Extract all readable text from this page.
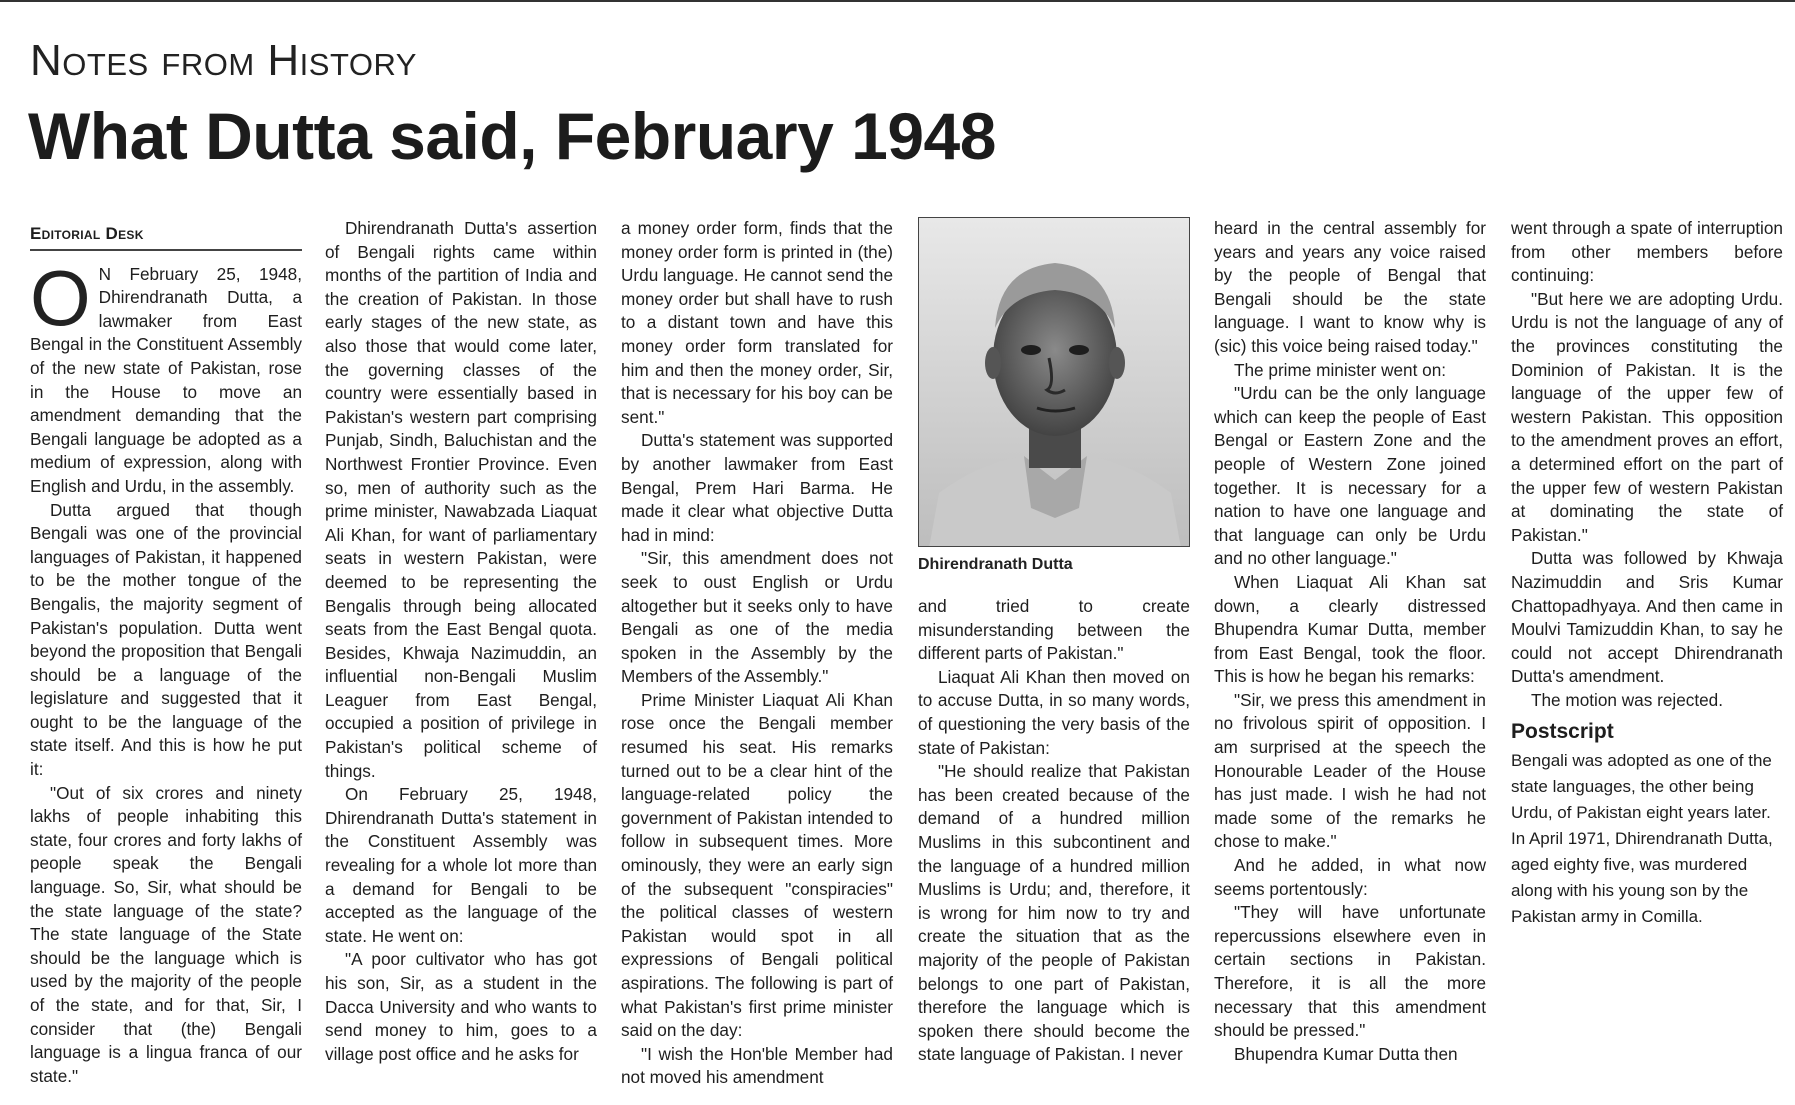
Notes from History
What Dutta said, February 1948
Editorial Desk

O N February 25, 1948, Dhirendranath Dutta, a lawmaker from East Bengal in the Constituent Assembly of the new state of Pakistan, rose in the House to move an amendment demanding that the Bengali language be adopted as a medium of expression, along with English and Urdu, in the assembly.

Dutta argued that though Bengali was one of the provincial languages of Pakistan, it happened to be the mother tongue of the Bengalis, the majority segment of Pakistan's population. Dutta went beyond the proposition that Bengali should be a language of the legislature and suggested that it ought to be the language of the state itself. And this is how he put it:

"Out of six crores and ninety lakhs of people inhabiting this state, four crores and forty lakhs of people speak the Bengali language. So, Sir, what should be the state language of the state? The state language of the State should be the language which is used by the majority of the people of the state, and for that, Sir, I consider that (the) Bengali language is a lingua franca of our state."

Dhirendranath Dutta's assertion of Bengali rights came within months of the partition of India and the creation of Pakistan. In those early stages of the new state, as also those that would come later, the governing classes of the country were essentially based in Pakistan's western part comprising Punjab, Sindh, Baluchistan and the Northwest Frontier Province. Even so, men of authority such as the prime minister, Nawabzada Liaquat Ali Khan, for want of parliamentary seats in western Pakistan, were deemed to be representing the Bengalis through being allocated seats from the East Bengal quota. Besides, Khwaja Nazimuddin, an influential non-Bengali Muslim Leaguer from East Bengal, occupied a position of privilege in Pakistan's political scheme of things.

On February 25, 1948, Dhirendranath Dutta's statement in the Constituent Assembly was revealing for a whole lot more than a demand for Bengali to be accepted as the language of the state. He went on:

"A poor cultivator who has got his son, Sir, as a student in the Dacca University and who wants to send money to him, goes to a village post office and he asks for

a money order form, finds that the money order form is printed in (the) Urdu language. He cannot send the money order but shall have to rush to a distant town and have this money order form translated for him and then the money order, Sir, that is necessary for his boy can be sent."

Dutta's statement was supported by another lawmaker from East Bengal, Prem Hari Barma. He made it clear what objective Dutta had in mind:

"Sir, this amendment does not seek to oust English or Urdu altogether but it seeks only to have Bengali as one of the media spoken in the Assembly by the Members of the Assembly."

Prime Minister Liaquat Ali Khan rose once the Bengali member resumed his seat. His remarks turned out to be a clear hint of the language-related policy the government of Pakistan intended to follow in subsequent times. More ominously, they were an early sign of the subsequent "conspiracies" the political classes of western Pakistan would spot in all expressions of Bengali political aspirations. The following is part of what Pakistan's first prime minister said on the day:

"I wish the Hon'ble Member had not moved his amendment

Dhirendranath Dutta

and tried to create misunderstanding between the different parts of Pakistan."

Liaquat Ali Khan then moved on to accuse Dutta, in so many words, of questioning the very basis of the state of Pakistan:

"He should realize that Pakistan has been created because of the demand of a hundred million Muslims in this subcontinent and the language of a hundred million Muslims is Urdu; and, therefore, it is wrong for him now to try and create the situation that as the majority of the people of Pakistan belongs to one part of Pakistan, therefore the language which is spoken there should become the state language of Pakistan. I never

heard in the central assembly for years and years any voice raised by the people of Bengal that Bengali should be the state language. I want to know why is (sic) this voice being raised today."

The prime minister went on:

"Urdu can be the only language which can keep the people of East Bengal or Eastern Zone and the people of Western Zone joined together. It is necessary for a nation to have one language and that language can only be Urdu and no other language."

When Liaquat Ali Khan sat down, a clearly distressed Bhupendra Kumar Dutta, member from East Bengal, took the floor. This is how he began his remarks:

"Sir, we press this amendment in no frivolous spirit of opposition. I am surprised at the speech the Honourable Leader of the House has just made. I wish he had not made some of the remarks he chose to make."

And he added, in what now seems portentously:

"They will have unfortunate repercussions elsewhere even in certain sections in Pakistan. Therefore, it is all the more necessary that this amendment should be pressed."

Bhupendra Kumar Dutta then

went through a spate of interruption from other members before continuing:

"But here we are adopting Urdu. Urdu is not the language of any of the provinces constituting the Dominion of Pakistan. It is the language of the upper few of western Pakistan. This opposition to the amendment proves an effort, a determined effort on the part of the upper few of western Pakistan at dominating the state of Pakistan."

Dutta was followed by Khwaja Nazimuddin and Sris Kumar Chattopadhyaya. And then came in Moulvi Tamizuddin Khan, to say he could not accept Dhirendranath Dutta's amendment.

The motion was rejected.

Postscript

Bengali was adopted as one of the state languages, the other being Urdu, of Pakistan eight years later. In April 1971, Dhirendranath Dutta, aged eighty five, was murdered along with his young son by the Pakistan army in Comilla.
